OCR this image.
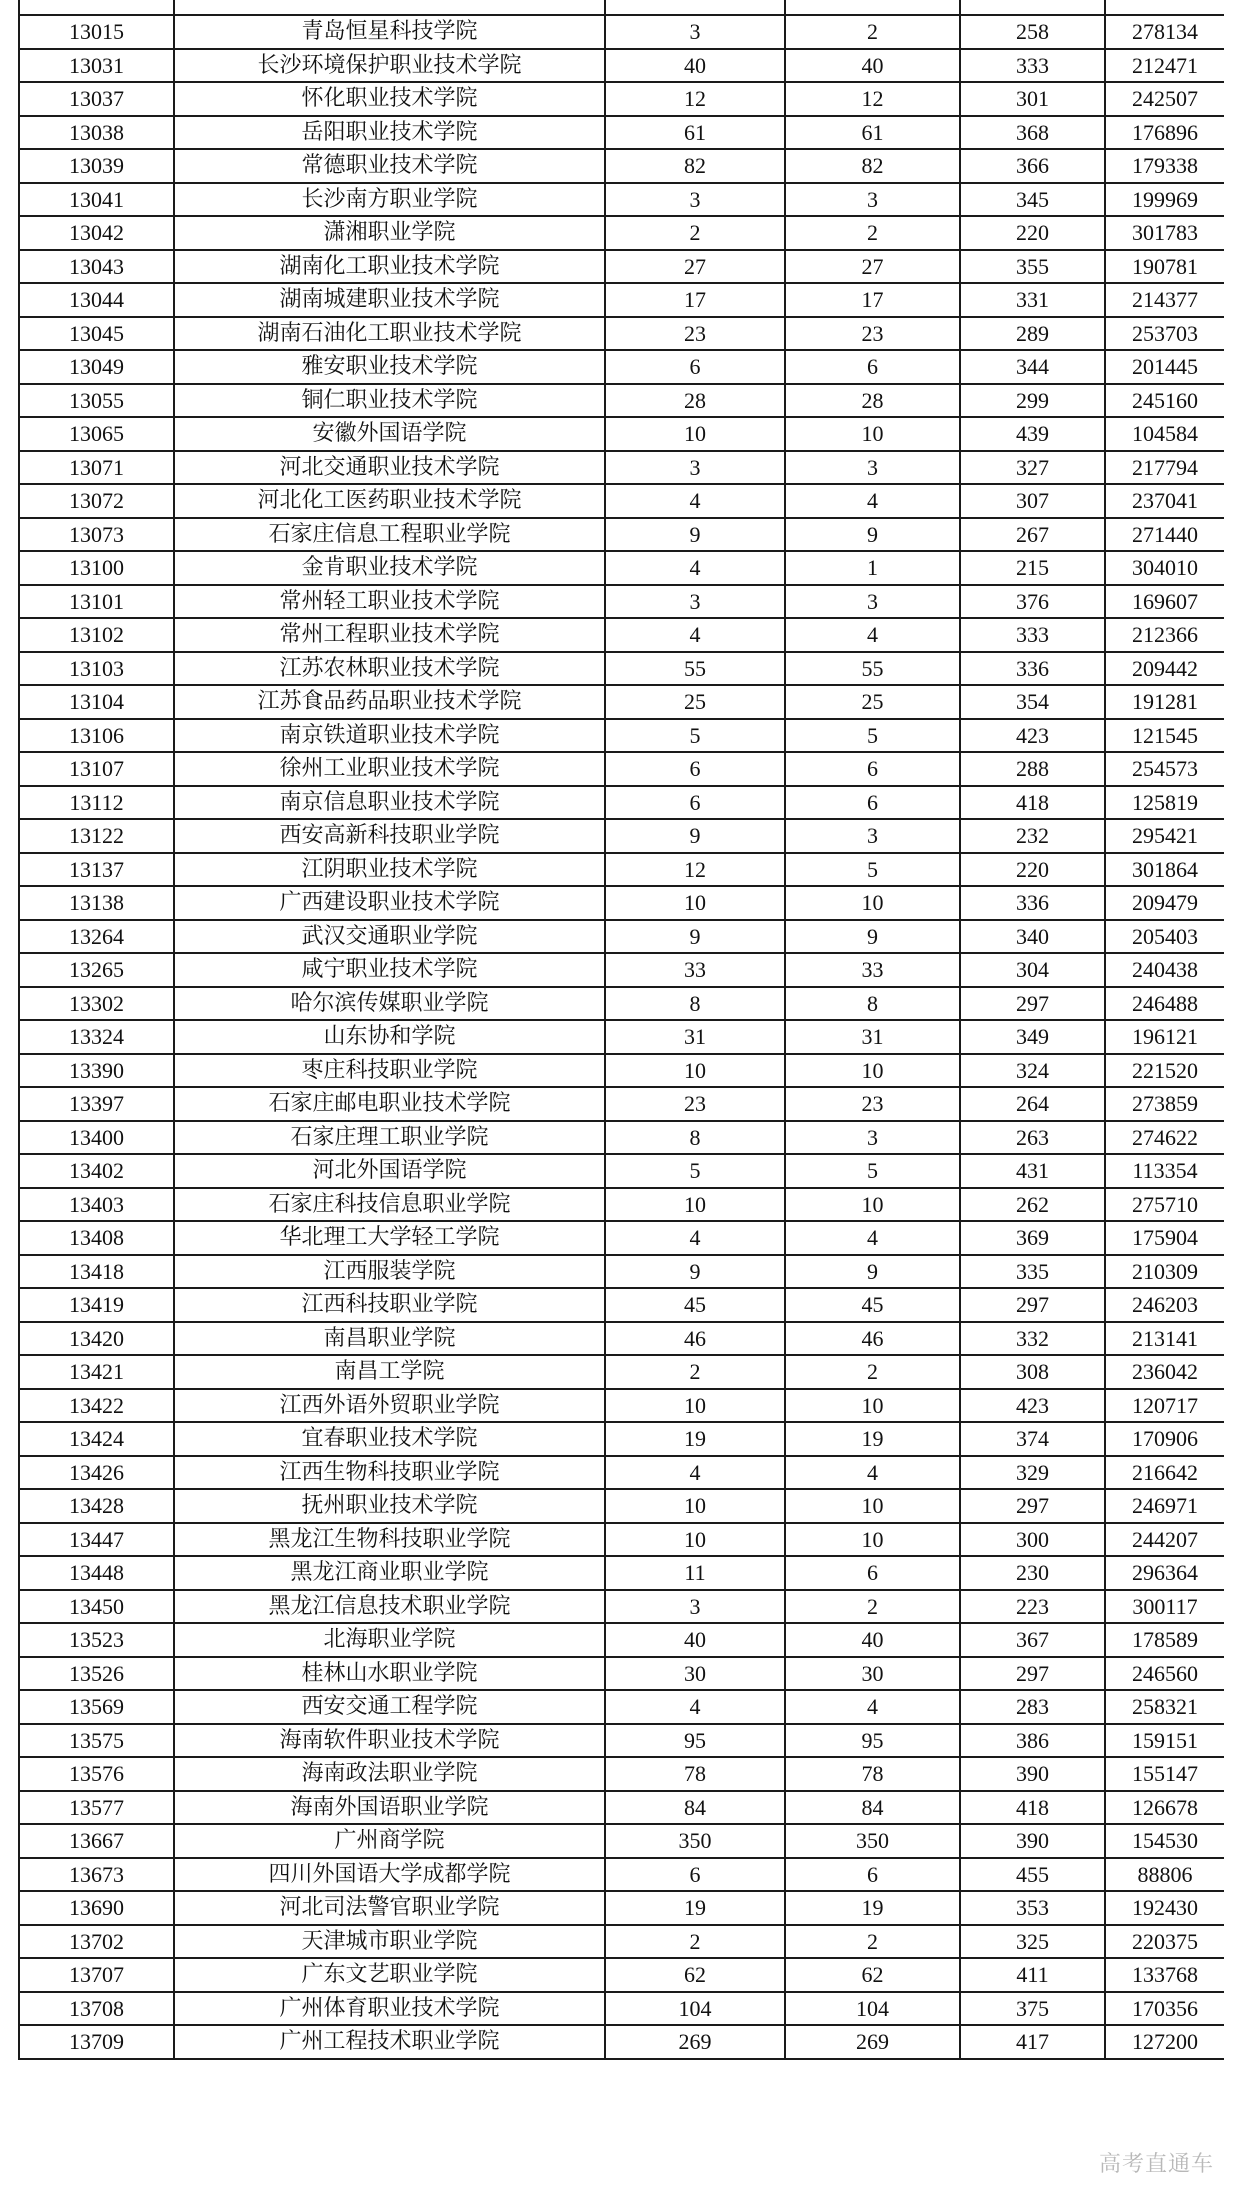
13015	青岛恒星科技学院	3	2	258	278134
13031	长沙环境保护职业技术学院	40	40	333	212471
13037	怀化职业技术学院	12	12	301	242507
13038	岳阳职业技术学院	61	61	368	176896
13039	常德职业技术学院	82	82	366	179338
13041	长沙南方职业学院	3	3	345	199969
13042	潇湘职业学院	2	2	220	301783
13043	湖南化工职业技术学院	27	27	355	190781
13044	湖南城建职业技术学院	17	17	331	214377
13045	湖南石油化工职业技术学院	23	23	289	253703
13049	雅安职业技术学院	6	6	344	201445
13055	铜仁职业技术学院	28	28	299	245160
13065	安徽外国语学院	10	10	439	104584
13071	河北交通职业技术学院	3	3	327	217794
13072	河北化工医药职业技术学院	4	4	307	237041
13073	石家庄信息工程职业学院	9	9	267	271440
13100	金肯职业技术学院	4	1	215	304010
13101	常州轻工职业技术学院	3	3	376	169607
13102	常州工程职业技术学院	4	4	333	212366
13103	江苏农林职业技术学院	55	55	336	209442
13104	江苏食品药品职业技术学院	25	25	354	191281
13106	南京铁道职业技术学院	5	5	423	121545
13107	徐州工业职业技术学院	6	6	288	254573
13112	南京信息职业技术学院	6	6	418	125819
13122	西安高新科技职业学院	9	3	232	295421
13137	江阴职业技术学院	12	5	220	301864
13138	广西建设职业技术学院	10	10	336	209479
13264	武汉交通职业学院	9	9	340	205403
13265	咸宁职业技术学院	33	33	304	240438
13302	哈尔滨传媒职业学院	8	8	297	246488
13324	山东协和学院	31	31	349	196121
13390	枣庄科技职业学院	10	10	324	221520
13397	石家庄邮电职业技术学院	23	23	264	273859
13400	石家庄理工职业学院	8	3	263	274622
13402	河北外国语学院	5	5	431	113354
13403	石家庄科技信息职业学院	10	10	262	275710
13408	华北理工大学轻工学院	4	4	369	175904
13418	江西服装学院	9	9	335	210309
13419	江西科技职业学院	45	45	297	246203
13420	南昌职业学院	46	46	332	213141
13421	南昌工学院	2	2	308	236042
13422	江西外语外贸职业学院	10	10	423	120717
13424	宜春职业技术学院	19	19	374	170906
13426	江西生物科技职业学院	4	4	329	216642
13428	抚州职业技术学院	10	10	297	246971
13447	黑龙江生物科技职业学院	10	10	300	244207
13448	黑龙江商业职业学院	11	6	230	296364
13450	黑龙江信息技术职业学院	3	2	223	300117
13523	北海职业学院	40	40	367	178589
13526	桂林山水职业学院	30	30	297	246560
13569	西安交通工程学院	4	4	283	258321
13575	海南软件职业技术学院	95	95	386	159151
13576	海南政法职业学院	78	78	390	155147
13577	海南外国语职业学院	84	84	418	126678
13667	广州商学院	350	350	390	154530
13673	四川外国语大学成都学院	6	6	455	88806
13690	河北司法警官职业学院	19	19	353	192430
13702	天津城市职业学院	2	2	325	220375
13707	广东文艺职业学院	62	62	411	133768
13708	广州体育职业技术学院	104	104	375	170356
13709	广州工程技术职业学院	269	269	417	127200
高考直通车
